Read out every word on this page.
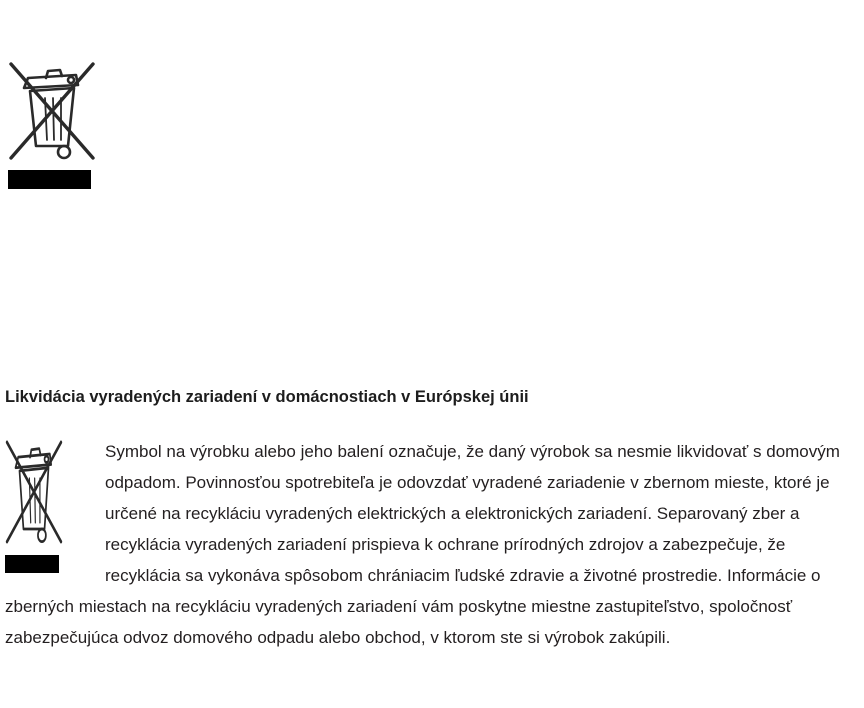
Likvidácia vyradených zariadení v domácnostiach v Európskej únii

Symbol na výrobku alebo jeho balení označuje, že daný výrobok sa nesmie likvidovať s domovým odpadom. Povinnosťou spotrebiteľa je odovzdať vyradené zariadenie v zbernom mieste, ktoré je určené na recykláciu vyradených elektrických a elektronických zariadení. Separovaný zber a recyklácia vyradených zariadení prispieva k ochrane prírodných zdrojov a zabezpečuje, že recyklácia sa vykonáva spôsobom chrániacim ľudské zdravie a životné prostredie. Informácie o zberných miestach na recykláciu vyradených zariadení vám poskytne miestne zastupiteľstvo, spoločnosť zabezpečujúca odvoz domového odpadu alebo obchod, v ktorom ste si výrobok zakúpili.
